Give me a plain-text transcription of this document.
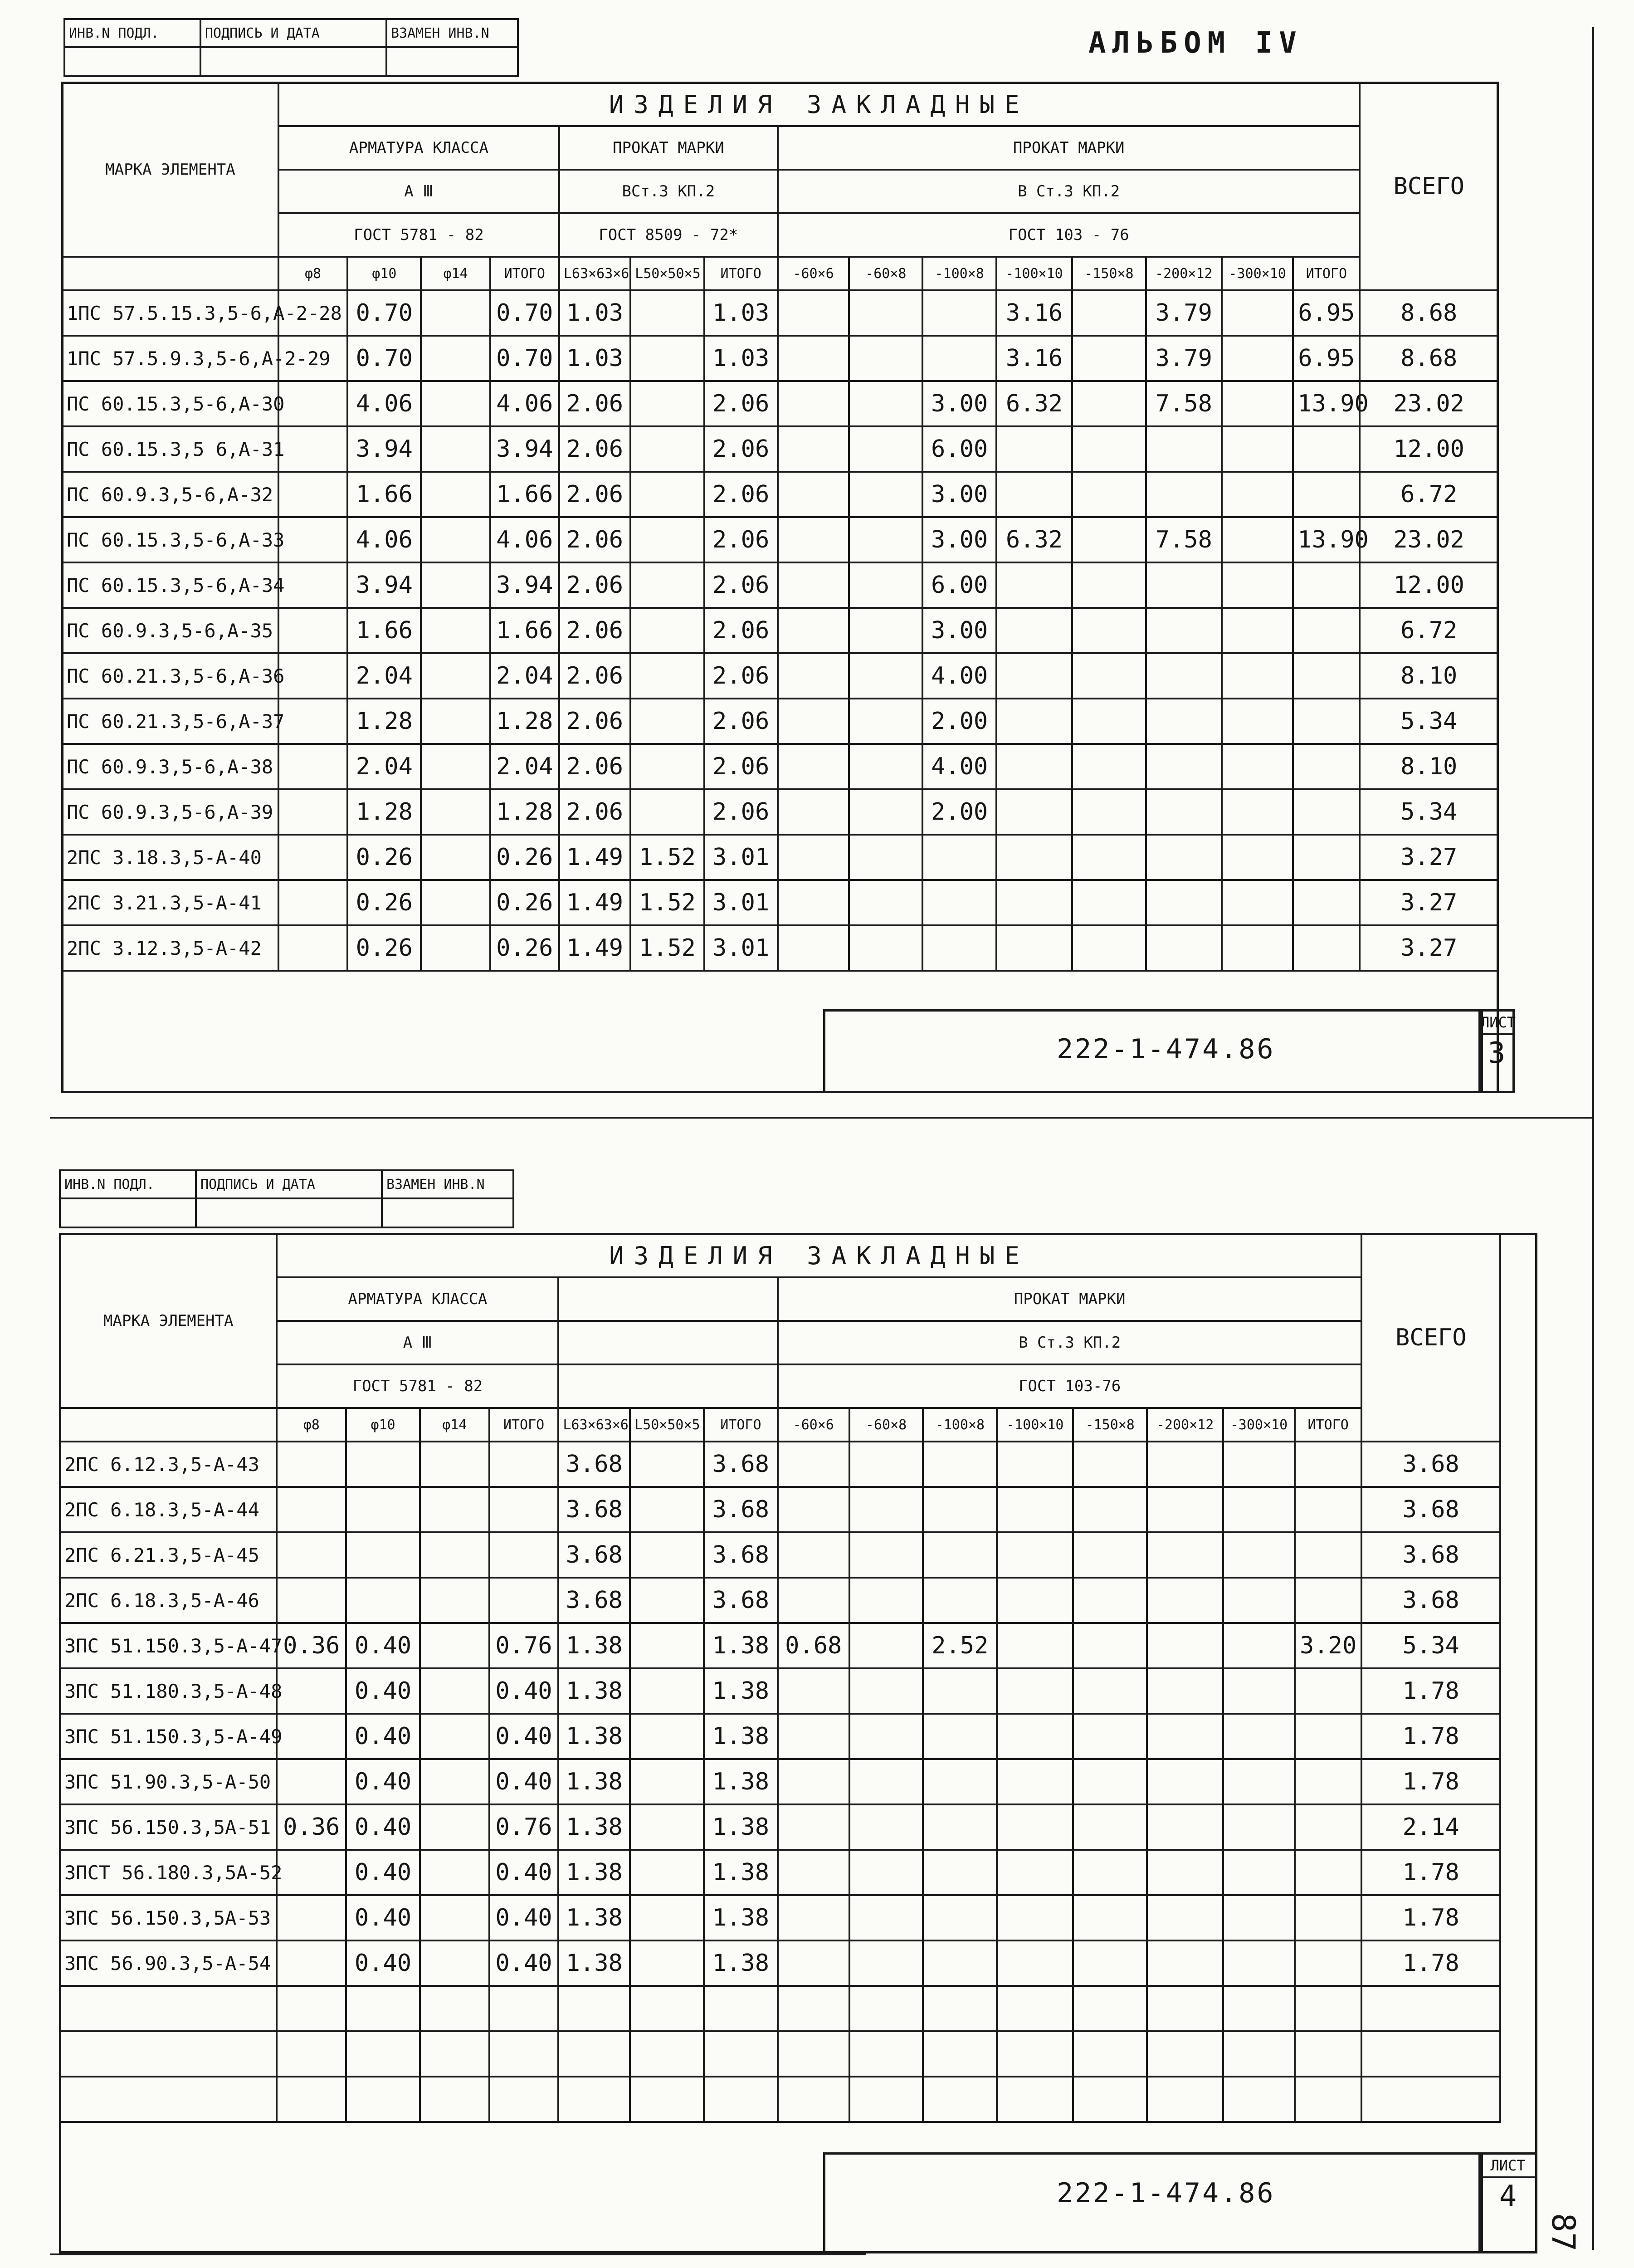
АЛЬБОМ IV
ИНВ.N ПОДЛ.	ПОДПИСЬ И ДАТА	ВЗАМЕН ИНВ.N

МАРКА ЭЛЕМЕНТА	ИЗДЕЛИЯ ЗАКЛАДНЫЕ															ВСЕГО
	АРМАТУРА КЛАССА				ПРОКАТ МАРКИ			ПРОКАТ МАРКИ								
	A Ⅲ				ВСт.3 КП.2			В Ст.3 КП.2								
	ГОСТ 5781 - 82				ГОСТ 8509 - 72*			ГОСТ 103 - 76								
	φ8	φ10	φ14	ИТОГО	L63×63×6	L50×50×5	ИТОГО	-60×6	-60×8	-100×8	-100×10	-150×8	-200×12	-300×10	ИТОГО	
1ПС 57.5.15.3,5-6,А-2-28		0.70		0.70	1.03		1.03				3.16		3.79		6.95	8.68
1ПС 57.5.9.3,5-6,А-2-29		0.70		0.70	1.03		1.03				3.16		3.79		6.95	8.68
ПС 60.15.3,5-6,А-30		4.06		4.06	2.06		2.06			3.00	6.32		7.58		13.90	23.02
ПС 60.15.3,5 6,А-31		3.94		3.94	2.06		2.06			6.00						12.00
ПС 60.9.3,5-6,А-32		1.66		1.66	2.06		2.06			3.00						6.72
ПС 60.15.3,5-6,А-33		4.06		4.06	2.06		2.06			3.00	6.32		7.58		13.90	23.02
ПС 60.15.3,5-6,А-34		3.94		3.94	2.06		2.06			6.00						12.00
ПС 60.9.3,5-6,А-35		1.66		1.66	2.06		2.06			3.00						6.72
ПС 60.21.3,5-6,А-36		2.04		2.04	2.06		2.06			4.00						8.10
ПС 60.21.3,5-6,А-37		1.28		1.28	2.06		2.06			2.00						5.34
ПС 60.9.3,5-6,А-38		2.04		2.04	2.06		2.06			4.00						8.10
ПС 60.9.3,5-6,А-39		1.28		1.28	2.06		2.06			2.00						5.34
2ПС 3.18.3,5-А-40		0.26		0.26	1.49	1.52	3.01									3.27
2ПС 3.21.3,5-А-41		0.26		0.26	1.49	1.52	3.01									3.27
2ПС 3.12.3,5-А-42		0.26		0.26	1.49	1.52	3.01									3.27
222-1-474.86
ЛИСТ
3
ИНВ.N ПОДЛ.	ПОДПИСЬ И ДАТА	ВЗАМЕН ИНВ.N

МАРКА ЭЛЕМЕНТА	ИЗДЕЛИЯ ЗАКЛАДНЫЕ															ВСЕГО
	АРМАТУРА КЛАССА							ПРОКАТ МАРКИ								
	A Ⅲ							В Ст.3 КП.2								
	ГОСТ 5781 - 82							ГОСТ 103-76								
	φ8	φ10	φ14	ИТОГО	L63×63×6	L50×50×5	ИТОГО	-60×6	-60×8	-100×8	-100×10	-150×8	-200×12	-300×10	ИТОГО	
2ПС 6.12.3,5-А-43					3.68		3.68									3.68
2ПС 6.18.3,5-А-44					3.68		3.68									3.68
2ПС 6.21.3,5-А-45					3.68		3.68									3.68
2ПС 6.18.3,5-А-46					3.68		3.68									3.68
3ПС 51.150.3,5-А-47	0.36	0.40		0.76	1.38		1.38	0.68		2.52					3.20	5.34
3ПС 51.180.3,5-А-48		0.40		0.40	1.38		1.38									1.78
3ПС 51.150.3,5-А-49		0.40		0.40	1.38		1.38									1.78
3ПС 51.90.3,5-А-50		0.40		0.40	1.38		1.38									1.78
3ПС 56.150.3,5А-51	0.36	0.40		0.76	1.38		1.38									2.14
3ПСТ 56.180.3,5А-52		0.40		0.40	1.38		1.38									1.78
3ПС 56.150.3,5А-53		0.40		0.40	1.38		1.38									1.78
3ПС 56.90.3,5-А-54		0.40		0.40	1.38		1.38									1.78

222-1-474.86
ЛИСТ
4
87
